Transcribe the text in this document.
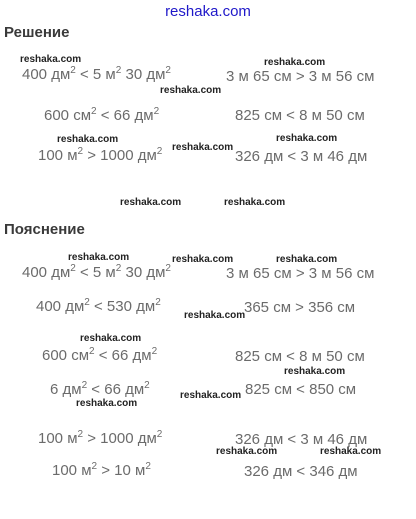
reshaka.com
Решение
Пояснение
400 $дм^2 < 5$ $м^2$ 30 $дм^2$	3 м 65 см > 3 м 56 см
600 $см^2 < 66$ $дм^2$	825 см < 8 м 50 см
100 $м^2 > 1000$ $дм^2$	326 дм < 3 м 46 дм
400 $дм^2 < 5$ $м^2$ 30 $дм^2$	3 м 65 см > 3 м 56 см
400 $дм^2 < 530$ $дм^2$	365 см > 356 см
600 $см^2 < 66$ $дм^2$	825 см < 8 м 50 см
6 $дм^2 < 66$ $дм^2$	825 см < 850 см
100 $м^2 > 1000$ $дм^2$	326 дм < 3 м 46 дм
100 $м^2 > 10$ $м^2$	326 дм < 346 дм
reshaka.com	reshaka.com
reshaka.com
reshaka.com	reshaka.com
reshaka.com
reshaka.com	reshaka.com
reshaka.com	reshaka.com	reshaka.com
reshaka.com
reshaka.com
reshaka.com
reshaka.com
reshaka.com
reshaka.com	reshaka.com
